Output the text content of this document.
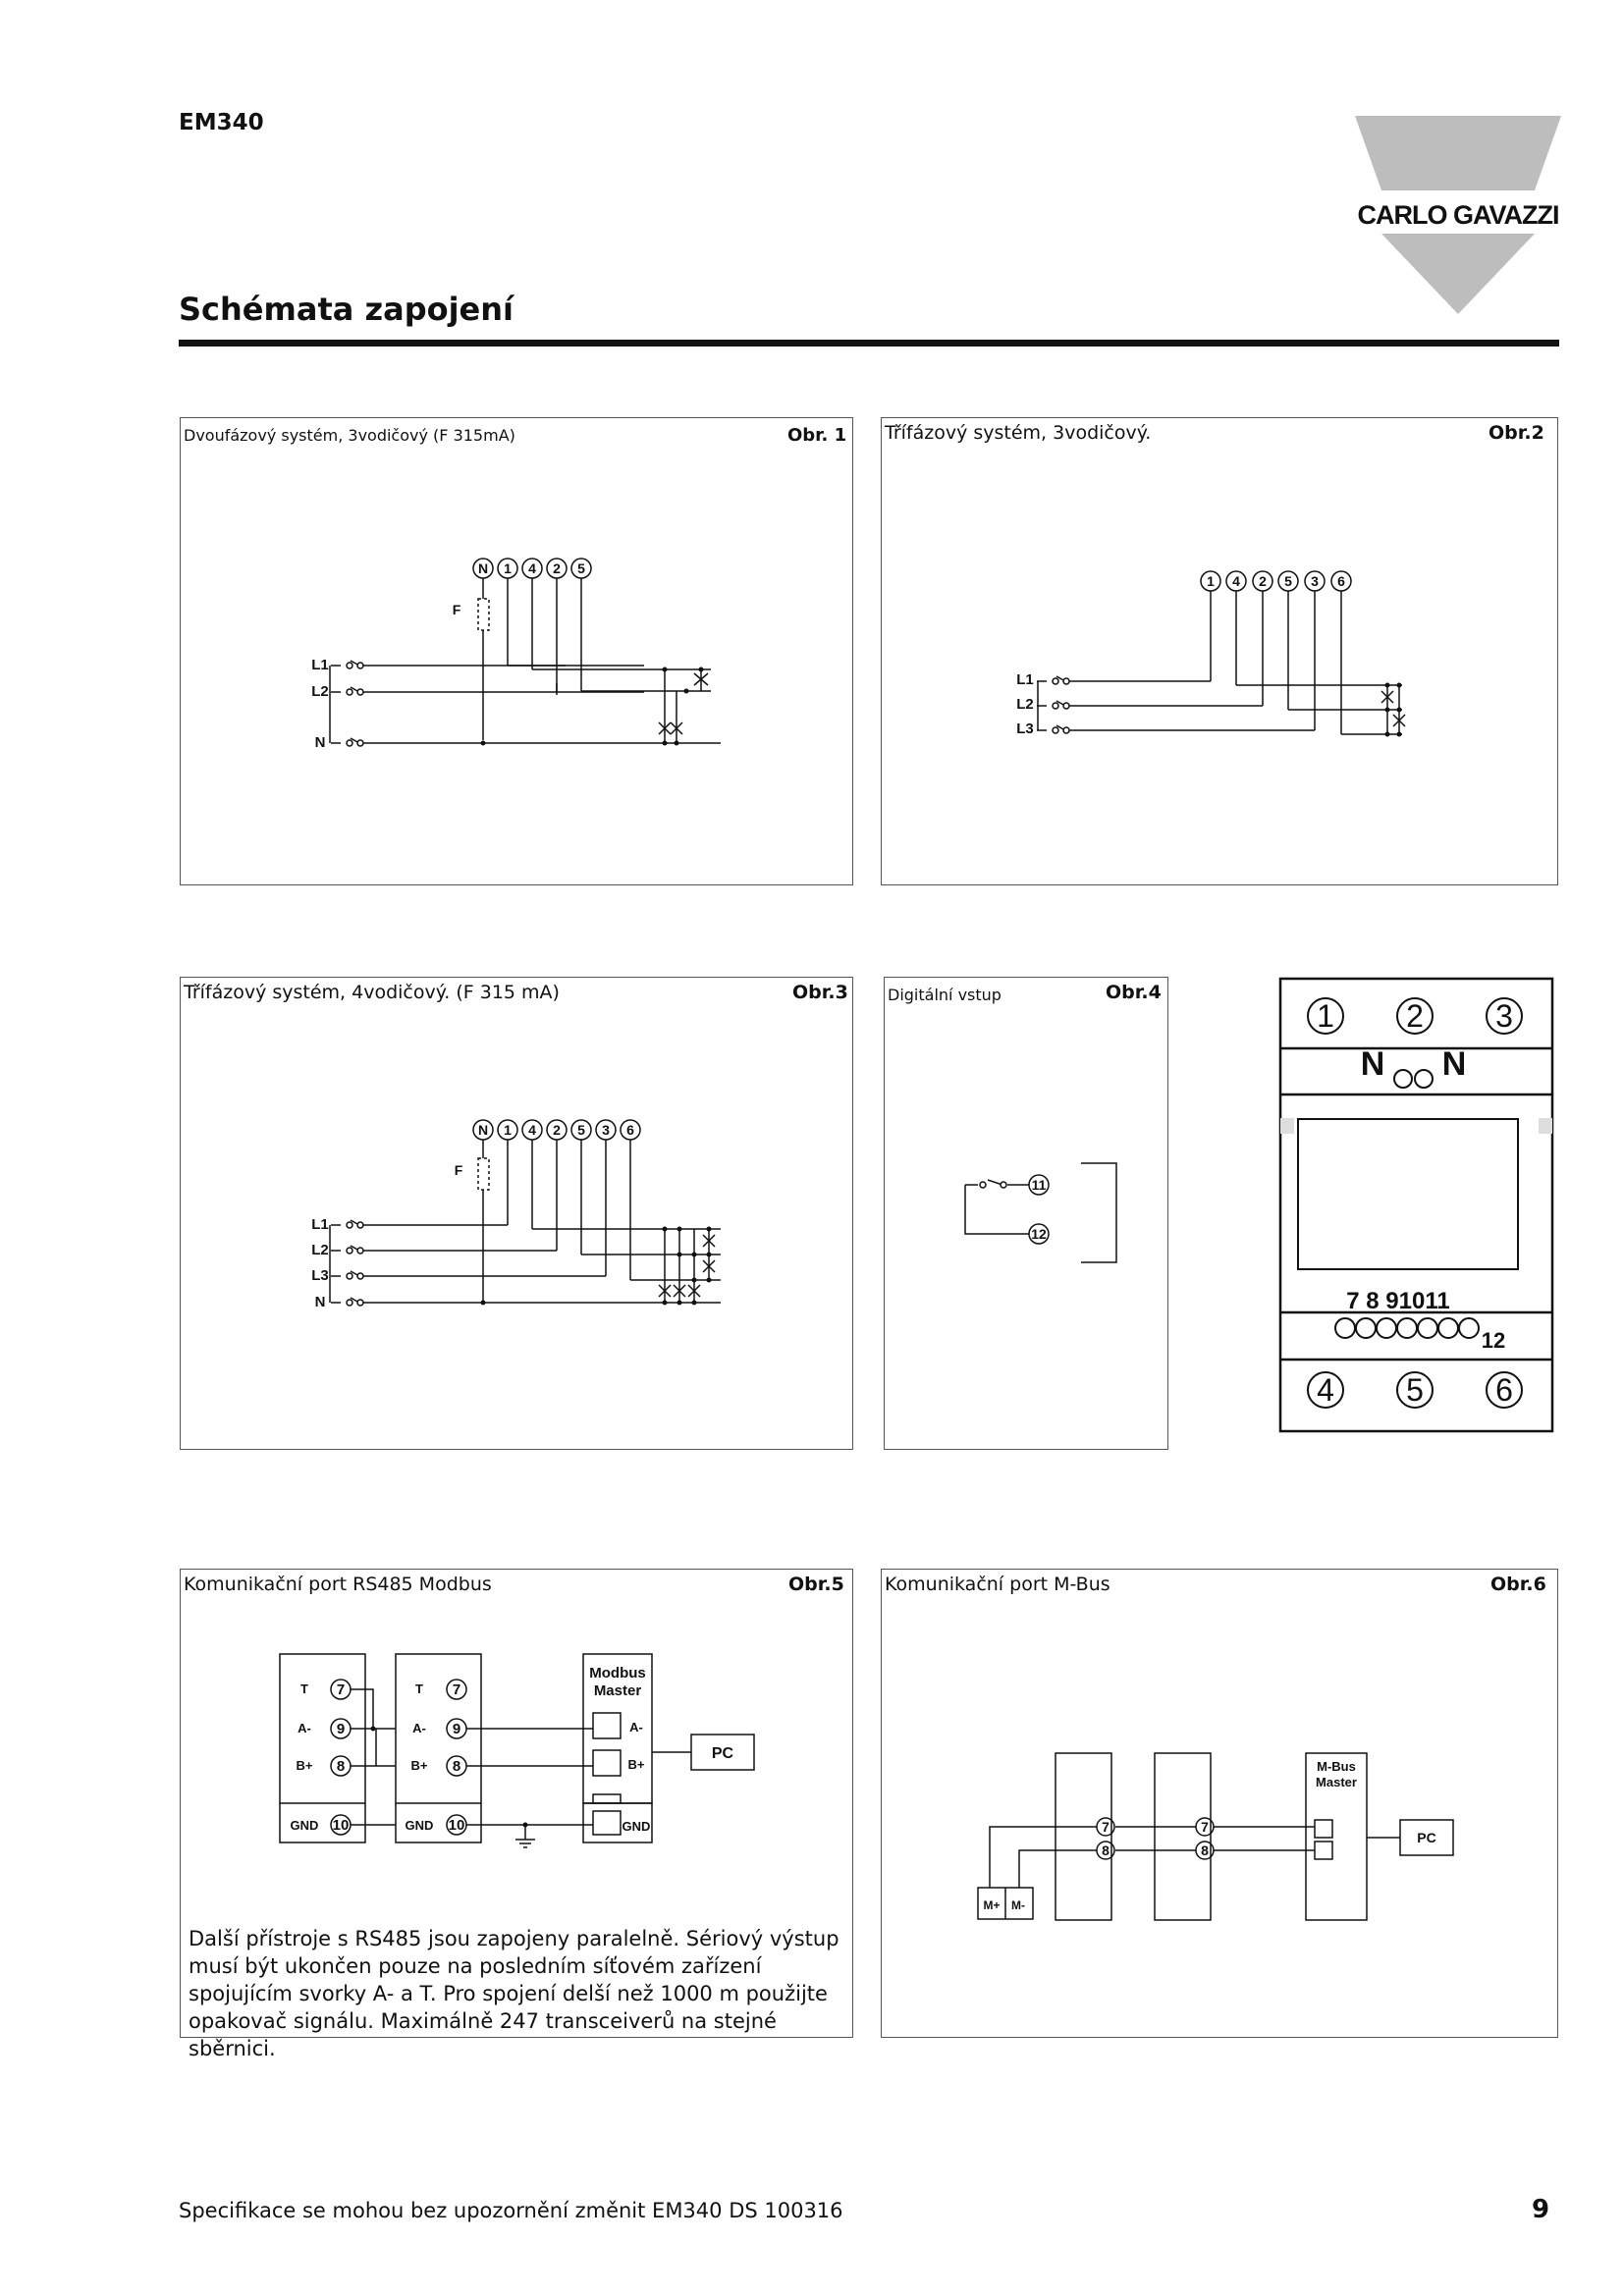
EM340
Schémata zapojení
CARLO GAVAZZI
Dvoufázový systém, 3vodičový (F 315mA)	Obr. 1
N 1 4 2 5
F
L1
L2
N
Třífázový systém, 3vodičový.	Obr.2
1 4 2 5 3 6
L1
L2
L3
Třífázový systém, 4vodičový. (F 315 mA)	Obr.3
N 1 4 2 5 3 6
F
L1
L2
L3
N
Digitální vstup	Obr.4
11
12
1 2 3
4 5 6
N N
7 8 91011
12
Komunikační port RS485 Modbus	Obr.5
T
A-
B+
GND
T
A-
B+
GND
7
9
8
10
7
9
8
10
Modbus
Master
A-
B+
GND
PC
Další přístroje s RS485 jsou zapojeny paralelně. Sériový výstup musí být ukončen pouze na posledním síťovém zařízení spojujícím svorky A- a T. Pro spojení delší než 1000 m použijte opakovač signálu. Maximálně 247 transceiverů na stejné sběrnici.
Komunikační port M-Bus	Obr.6
7
8
7
8
M-Bus
Master
PC
M+ M-
Specifikace se mohou bez upozornění změnit EM340 DS 100316	9
